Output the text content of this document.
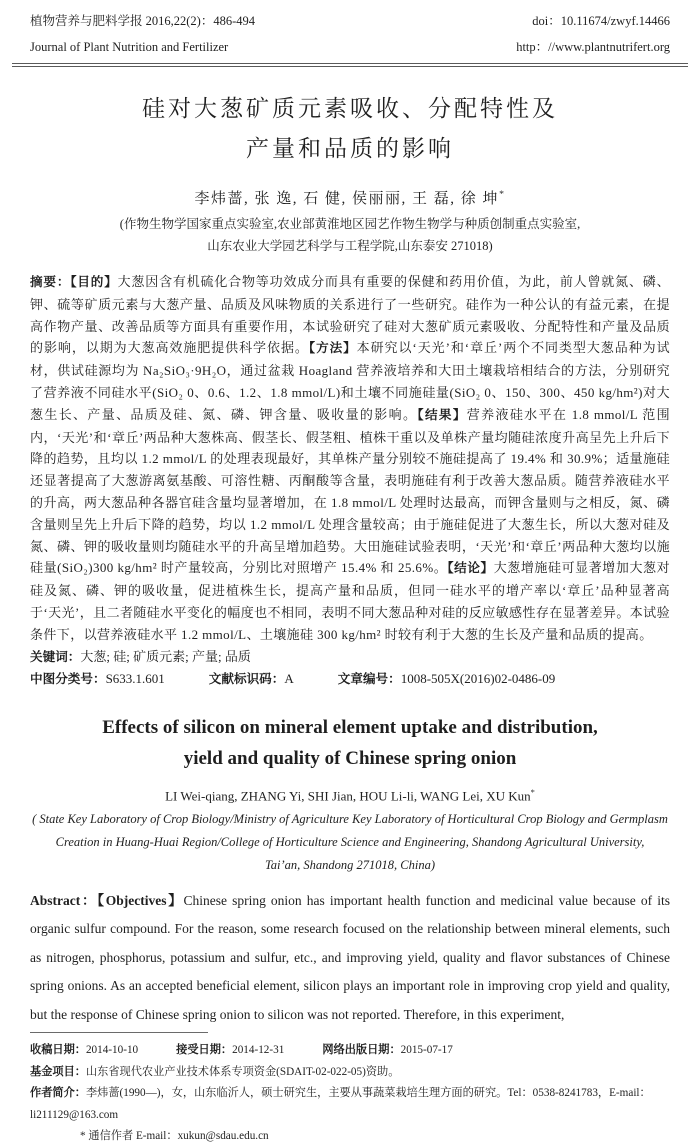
植物营养与肥料学报 2016,22(2)：486-494
Journal of Plant Nutrition and Fertilizer
doi：10.11674/zwyf.14466
http：//www.plantnutrifert.org
硅对大葱矿质元素吸收、分配特性及
产量和品质的影响
李炜蔷, 张 逸, 石 健, 侯丽丽, 王 磊, 徐 坤*
(作物生物学国家重点实验室,农业部黄淮地区园艺作物生物学与种质创制重点实验室,
山东农业大学园艺科学与工程学院,山东泰安 271018)

摘要：【目的】大葱因含有机硫化合物等功效成分而具有重要的保健和药用价值，为此，前人曾就氮、磷、钾、硫等矿质元素与大葱产量、品质及风味物质的关系进行了一些研究。硅作为一种公认的有益元素，在提高作物产量、改善品质等方面具有重要作用，本试验研究了硅对大葱矿质元素吸收、分配特性和产量及品质的影响，以期为大葱高效施肥提供科学依据。【方法】本研究以‘天光’和‘章丘’两个不同类型大葱品种为试材，供试硅源均为 Na₂SiO₃·9H₂O，通过盆栽 Hoagland 营养液培养和大田土壤栽培相结合的方法，分别研究了营养液不同硅水平(SiO₂ 0、0.6、1.2、1.8 mmol/L)和土壤不同施硅量(SiO₂ 0、150、300、450 kg/hm²)对大葱生长、产量、品质及硅、氮、磷、钾含量、吸收量的影响。【结果】营养液硅水平在 1.8 mmol/L 范围内，‘天光’和‘章丘’两品种大葱株高、假茎长、假茎粗、植株干重以及单株产量均随硅浓度升高呈先上升后下降的趋势，且均以 1.2 mmol/L 的处理表现最好，其单株产量分别较不施硅提高了 19.4% 和 30.9%；适量施硅还显著提高了大葱游离氨基酸、可溶性糖、丙酮酸等含量，表明施硅有利于改善大葱品质。随营养液硅水平的升高，两大葱品种各器官硅含量均显著增加，在 1.8 mmol/L 处理时达最高，而钾含量则与之相反，氮、磷含量则呈先上升后下降的趋势，均以 1.2 mmol/L 处理含量较高；由于施硅促进了大葱生长，所以大葱对硅及氮、磷、钾的吸收量则均随硅水平的升高呈增加趋势。大田施硅试验表明，‘天光’和‘章丘’两品种大葱均以施硅量(SiO₂)300 kg/hm² 时产量较高，分别比对照增产 15.4% 和 25.6%。【结论】大葱增施硅可显著增加大葱对硅及氮、磷、钾的吸收量，促进植株生长，提高产量和品质，但同一硅水平的增产率以‘章丘’品种显著高于‘天光’，且二者随硅水平变化的幅度也不相同，表明不同大葱品种对硅的反应敏感性存在显著差异。本试验条件下，以营养液硅水平 1.2 mmol/L、土壤施硅 300 kg/hm² 时较有利于大葱的生长及产量和品质的提高。

关键词：大葱; 硅; 矿质元素; 产量; 品质

中图分类号：S633.1.601	文献标识码：A	文章编号：1008-505X(2016)02-0486-09

Effects of silicon on mineral element uptake and distribution,
yield and quality of Chinese spring onion
LI Wei-qiang, ZHANG Yi, SHI Jian, HOU Li-li, WANG Lei, XU Kun*
( State Key Laboratory of Crop Biology/Ministry of Agriculture Key Laboratory of Horticultural Crop Biology and Germplasm
Creation in Huang-Huai Region/College of Horticulture Science and Engineering, Shandong Agricultural University,
Tai’an, Shandong 271018, China)

Abstract：【Objectives】Chinese spring onion has important health function and medicinal value because of its organic sulfur compound. For the reason, some research focused on the relationship between mineral elements, such as nitrogen, phosphorus, potassium and sulfur, etc., and improving yield, quality and flavor substances of Chinese spring onions. As an accepted beneficial element, silicon plays an important role in improving crop yield and quality, but the response of Chinese spring onion to silicon was not reported. Therefore, in this experiment,

收稿日期：2014-10-10	接受日期：2014-12-31	网络出版日期：2015-07-17
基金项目：山东省现代农业产业技术体系专项资金(SDAIT-02-022-05)资助。
作者简介：李炜蔷(1990—)，女，山东临沂人，硕士研究生，主要从事蔬菜栽培生理方面的研究。Tel：0538-8241783，E-mail：li211129@163.com
* 通信作者 E-mail：xukun@sdau.edu.cn
